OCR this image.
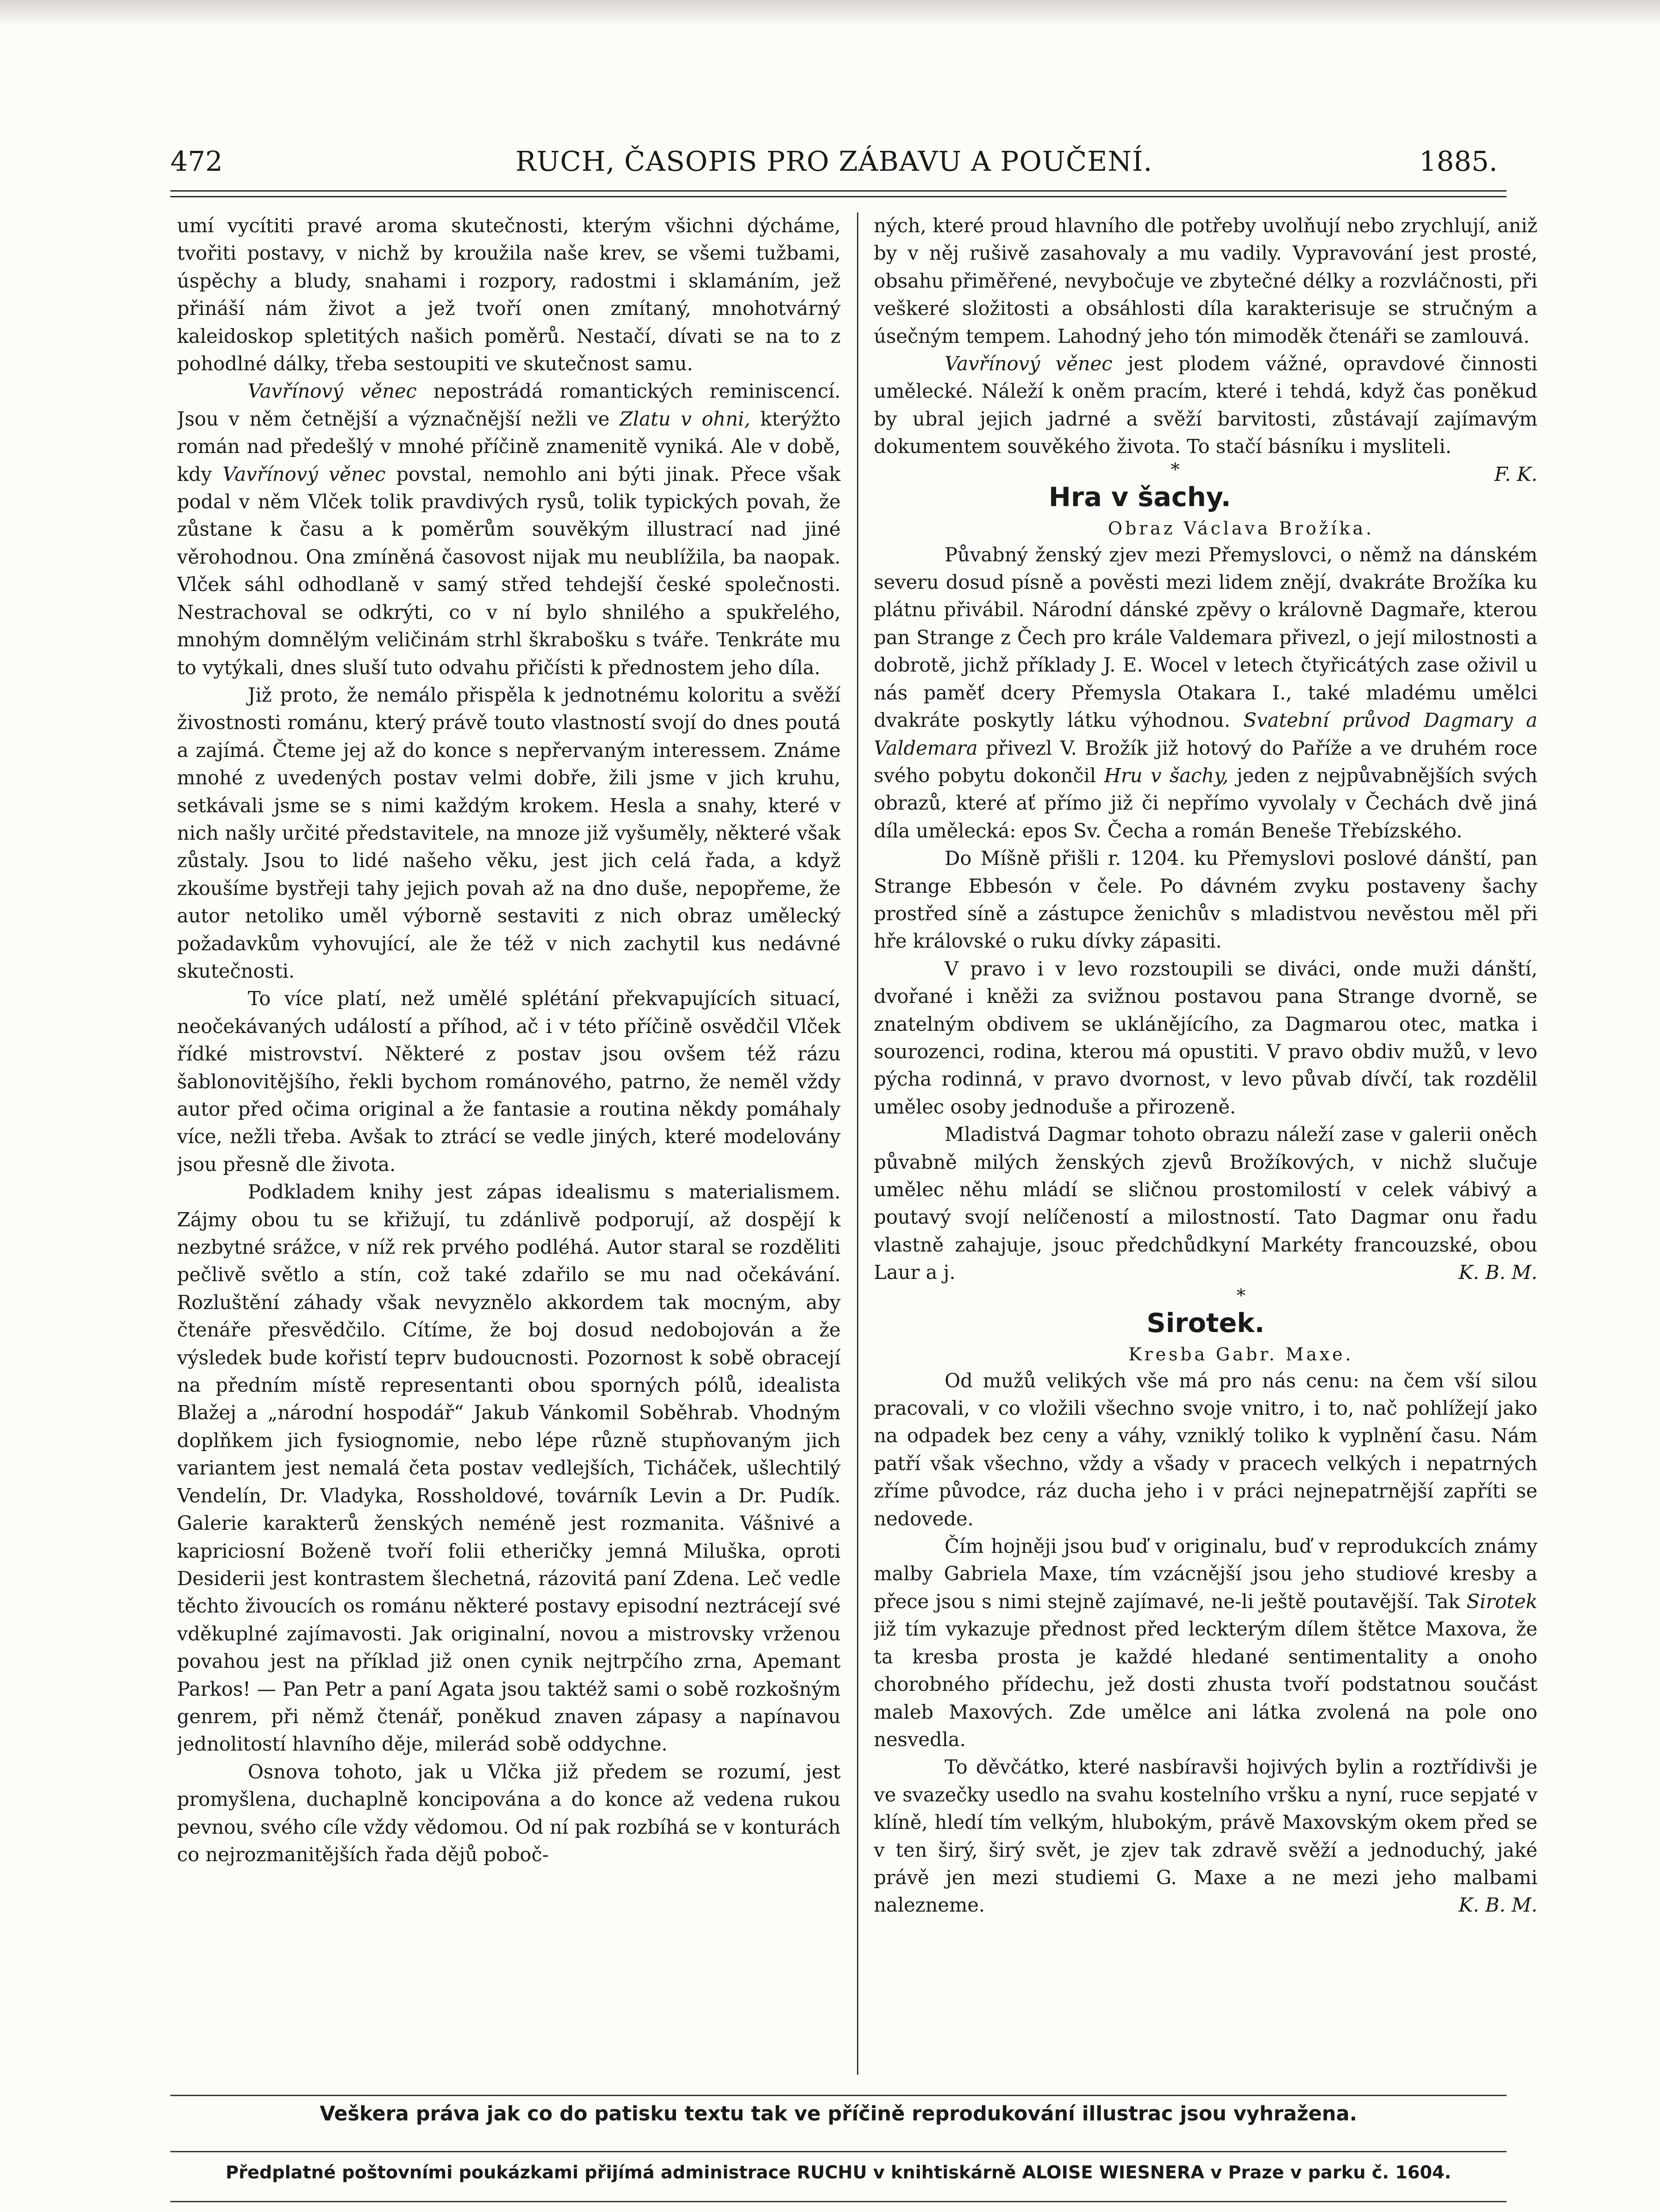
472	RUCH, ČASOPIS PRO ZÁBAVU A POUČENÍ.	1885.

umí vycítiti pravé aroma skutečnosti, kterým všichni dýcháme, tvořiti postavy, v nichž by kroužila naše krev, se všemi tužbami, úspěchy a bludy, snahami i rozpory, radostmi i sklamáním, jež přináší nám život a jež tvoří onen zmítaný, mnohotvárný kaleidoskop spletitých našich poměrů. Nestačí, dívati se na to z pohodlné dálky, třeba sestoupiti ve skutečnost samu.

Vavřínový věnec nepostrádá romantických reminiscencí. Jsou v něm četnější a význačnější nežli ve Zlatu v ohni, kterýžto román nad předešlý v mnohé příčině znamenitě vyniká. Ale v době, kdy Vavřínový věnec povstal, nemohlo ani býti jinak. Přece však podal v něm Vlček tolik pravdivých rysů, tolik typických povah, že zůstane k času a k poměrům souvěkým illustrací nad jiné věrohodnou. Ona zmíněná časovost nijak mu neublížila, ba naopak. Vlček sáhl odhodlaně v samý střed tehdejší české společnosti. Nestrachoval se odkrýti, co v ní bylo shnilého a spukřelého, mnohým domnělým veličinám strhl škrabošku s tváře. Tenkráte mu to vytýkali, dnes sluší tuto odvahu přičísti k přednostem jeho díla.

Již proto, že nemálo přispěla k jednotnému koloritu a svěží živostnosti románu, který právě touto vlastností svojí do dnes poutá a zajímá. Čteme jej až do konce s nepřervaným interessem. Známe mnohé z uvedených postav velmi dobře, žili jsme v jich kruhu, setkávali jsme se s nimi každým krokem. Hesla a snahy, které v nich našly určité představitele, na mnoze již vyšuměly, některé však zůstaly. Jsou to lidé našeho věku, jest jich celá řada, a když zkoušíme bystřeji tahy jejich povah až na dno duše, nepopřeme, že autor netoliko uměl výborně sestaviti z nich obraz umělecký požadavkům vyhovující, ale že též v nich zachytil kus nedávné skutečnosti.

To více platí, než umělé splétání překvapujících situací, neočekávaných událostí a příhod, ač i v této příčině osvědčil Vlček řídké mistrovství. Některé z postav jsou ovšem též rázu šablonovitějšího, řekli bychom románového, patrno, že neměl vždy autor před očima original a že fantasie a routina někdy pomáhaly více, nežli třeba. Avšak to ztrácí se vedle jiných, které modelovány jsou přesně dle života.

Podkladem knihy jest zápas idealismu s materialismem. Zájmy obou tu se křižují, tu zdánlivě podporují, až dospějí k nezbytné srážce, v níž rek prvého podléhá. Autor staral se rozděliti pečlivě světlo a stín, což také zdařilo se mu nad očekávání. Rozluštění záhady však nevyznělo akkordem tak mocným, aby čtenáře přesvědčilo. Cítíme, že boj dosud nedobojován a že výsledek bude kořistí teprv budoucnosti. Pozornost k sobě obracejí na předním místě representanti obou sporných pólů, idealista Blažej a „národní hospodář“ Jakub Vánkomil Soběhrab. Vhodným doplňkem jich fysiognomie, nebo lépe různě stupňovaným jich variantem jest nemalá četa postav vedlejších, Ticháček, ušlechtilý Vendelín, Dr. Vladyka, Rossholdové, továrník Levin a Dr. Pudík. Galerie karakterů ženských neméně jest rozmanita. Vášnivé a kapriciosní Boženě tvoří folii etheričky jemná Miluška, oproti Desiderii jest kontrastem šlechetná, rázovitá paní Zdena. Leč vedle těchto živoucích os románu některé postavy episodní neztrácejí své vděkuplné zajímavosti. Jak originalní, novou a mistrovsky vrženou povahou jest na příklad již onen cynik nejtrpčího zrna, Apemant Parkos! — Pan Petr a paní Agata jsou taktéž sami o sobě rozkošným genrem, při němž čtenář, poněkud znaven zápasy a napínavou jednolitostí hlavního děje, milerád sobě oddychne.

Osnova tohoto, jak u Vlčka již předem se rozumí, jest promyšlena, duchaplně koncipována a do konce až vedena rukou pevnou, svého cíle vždy vědomou. Od ní pak rozbíhá se v konturách co nejrozmanitějších řada dějů poboč-

ných, které proud hlavního dle potřeby uvolňují nebo zrychlují, aniž by v něj rušivě zasahovaly a mu vadily. Vypravování jest prosté, obsahu přiměřené, nevybočuje ve zbytečné délky a rozvláčnosti, při veškeré složitosti a obsáhlosti díla karakterisuje se stručným a úsečným tempem. Lahodný jeho tón mimoděk čtenáři se zamlouvá.

Vavřínový věnec jest plodem vážné, opravdové činnosti umělecké. Náleží k oněm pracím, které i tehdá, když čas poněkud by ubral jejich jadrné a svěží barvitosti, zůstávají zajímavým dokumentem souvěkého života. To stačí básníku i mysliteli.
F. K.

*

Hra v šachy.

Obraz Václava Brožíka.

Půvabný ženský zjev mezi Přemyslovci, o němž na dánském severu dosud písně a pověsti mezi lidem znějí, dvakráte Brožíka ku plátnu přivábil. Národní dánské zpěvy o královně Dagmaře, kterou pan Strange z Čech pro krále Valdemara přivezl, o její milostnosti a dobrotě, jichž příklady J. E. Wocel v letech čtyřicátých zase oživil u nás paměť dcery Přemysla Otakara I., také mladému umělci dvakráte poskytly látku výhodnou. Svatební průvod Dagmary a Valdemara přivezl V. Brožík již hotový do Paříže a ve druhém roce svého pobytu dokončil Hru v šachy, jeden z nejpůvabnějších svých obrazů, které ať přímo již či nepřímo vyvolaly v Čechách dvě jiná díla umělecká: epos Sv. Čecha a román Beneše Třebízského.

Do Míšně přišli r. 1204. ku Přemyslovi poslové dánští, pan Strange Ebbesón v čele. Po dávném zvyku postaveny šachy prostřed síně a zástupce ženichův s mladistvou nevěstou měl při hře královské o ruku dívky zápasiti.

V pravo i v levo rozstoupili se diváci, onde muži dánští, dvořané i kněži za svižnou postavou pana Strange dvorně, se znatelným obdivem se uklánějícího, za Dagmarou otec, matka i sourozenci, rodina, kterou má opustiti. V pravo obdiv mužů, v levo pýcha rodinná, v pravo dvornost, v levo půvab dívčí, tak rozdělil umělec osoby jednoduše a přirozeně.

Mladistvá Dagmar tohoto obrazu náleží zase v galerii oněch půvabně milých ženských zjevů Brožíkových, v nichž slučuje umělec něhu mládí se sličnou prostomilostí v celek vábivý a poutavý svojí nelíčeností a milostností. Tato Dagmar onu řadu vlastně zahajuje, jsouc předchůdkyní Markéty francouzské, obou Laur a j.	K. B. M.

*

Sirotek.

Kresba Gabr. Maxe.

Od mužů velikých vše má pro nás cenu: na čem vší silou pracovali, v co vložili všechno svoje vnitro, i to, nač pohlížejí jako na odpadek bez ceny a váhy, vzniklý toliko k vyplnění času. Nám patří však všechno, vždy a všady v pracech velkých i nepatrných zříme původce, ráz ducha jeho i v práci nejnepatrnější zapříti se nedovede.

Čím hojněji jsou buď v originalu, buď v reprodukcích známy malby Gabriela Maxe, tím vzácnější jsou jeho studiové kresby a přece jsou s nimi stejně zajímavé, ne-li ještě poutavější. Tak Sirotek již tím vykazuje přednost před leckterým dílem štětce Maxova, že ta kresba prosta je každé hledané sentimentality a onoho chorobného přídechu, jež dosti zhusta tvoří podstatnou součást maleb Maxových. Zde umělce ani látka zvolená na pole ono nesvedla.

To děvčátko, které nasbíravši hojivých bylin a roztřídivši je ve svazečky usedlo na svahu kostelního vršku a nyní, ruce sepjaté v klíně, hledí tím velkým, hlubokým, právě Maxovským okem před se v ten širý, širý svět, je zjev tak zdravě svěží a jednoduchý, jaké právě jen mezi studiemi G. Maxe a ne mezi jeho malbami nalezneme.	K. B. M.

Veškera práva jak co do patisku textu tak ve příčině reprodukování illustrac jsou vyhražena.
Předplatné poštovními poukázkami přijímá administrace RUCHU v knihtiskárně ALOISE WIESNERA v Praze v parku č. 1604.
